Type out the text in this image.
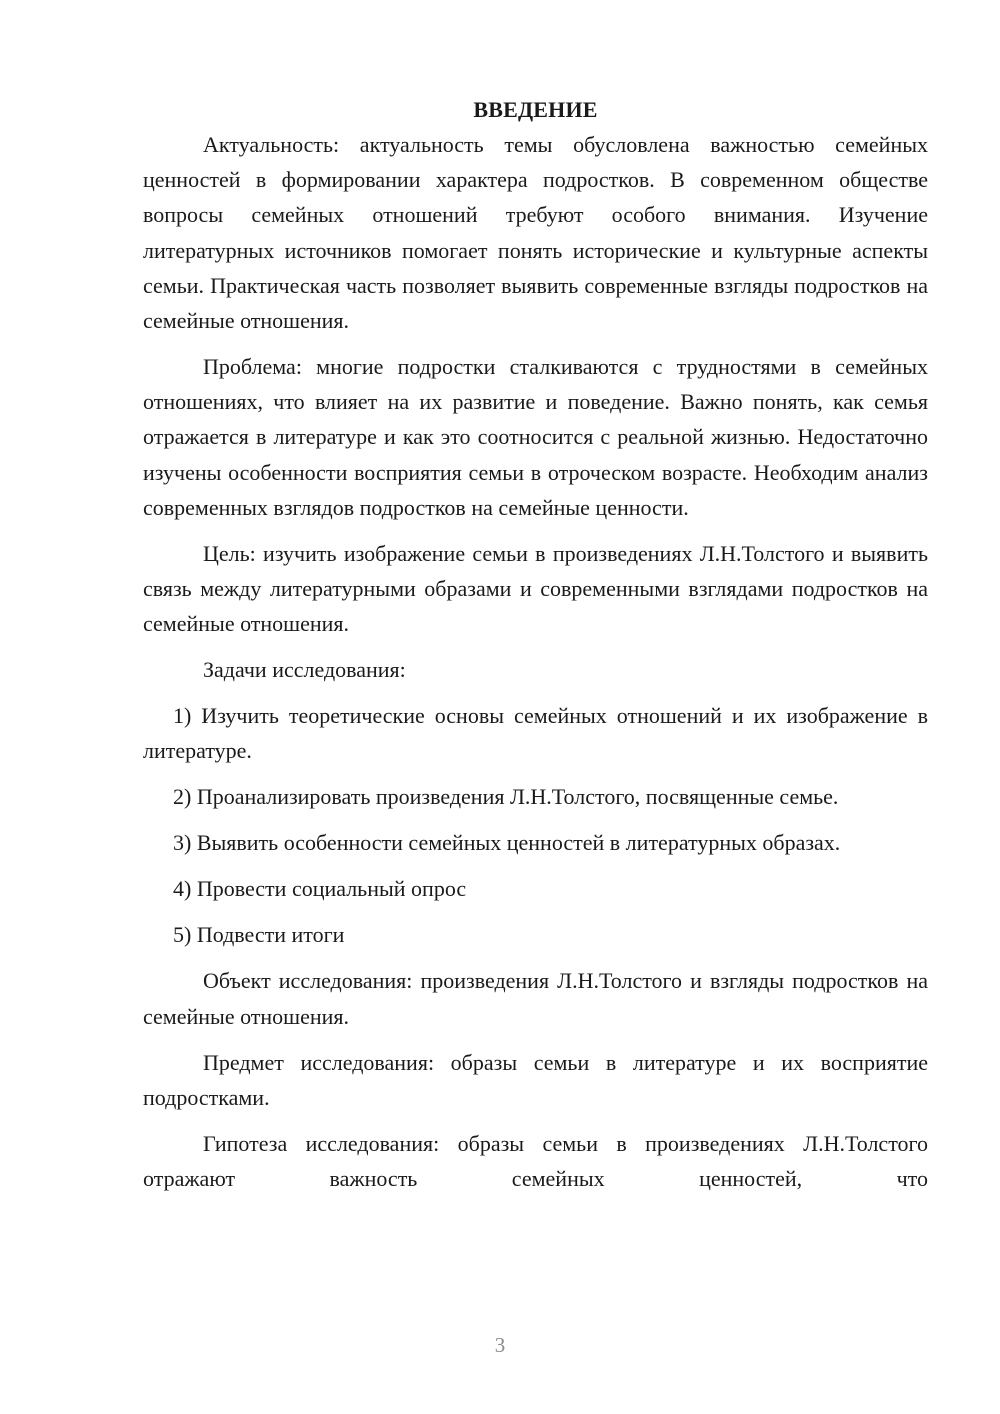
ВВЕДЕНИЕ

Актуальность: актуальность темы обусловлена важностью семейных ценностей в формировании характера подростков. В современном обществе вопросы семейных отношений требуют особого внимания. Изучение литературных источников помогает понять исторические и культурные аспекты семьи. Практическая часть позволяет выявить современные взгляды подростков на семейные отношения.

Проблема: многие подростки сталкиваются с трудностями в семейных отношениях, что влияет на их развитие и поведение. Важно понять, как семья отражается в литературе и как это соотносится с реальной жизнью. Недостаточно изучены особенности восприятия семьи в отроческом возрасте. Необходим анализ современных взглядов подростков на семейные ценности.

Цель: изучить изображение семьи в произведениях Л.Н.Толстого и выявить связь между литературными образами и современными взглядами подростков на семейные отношения.

Задачи исследования:

1) Изучить теоретические основы семейных отношений и их изображение в литературе.

2) Проанализировать произведения Л.Н.Толстого, посвященные семье.

3) Выявить особенности семейных ценностей в литературных образах.

4) Провести социальный опрос

5) Подвести итоги

Объект исследования: произведения Л.Н.Толстого и взгляды подростков на семейные отношения.

Предмет исследования: образы семьи в литературе и их восприятие подростками.

Гипотеза исследования: образы семьи в произведениях Л.Н.Толстого отражают важность семейных ценностей, что

3
